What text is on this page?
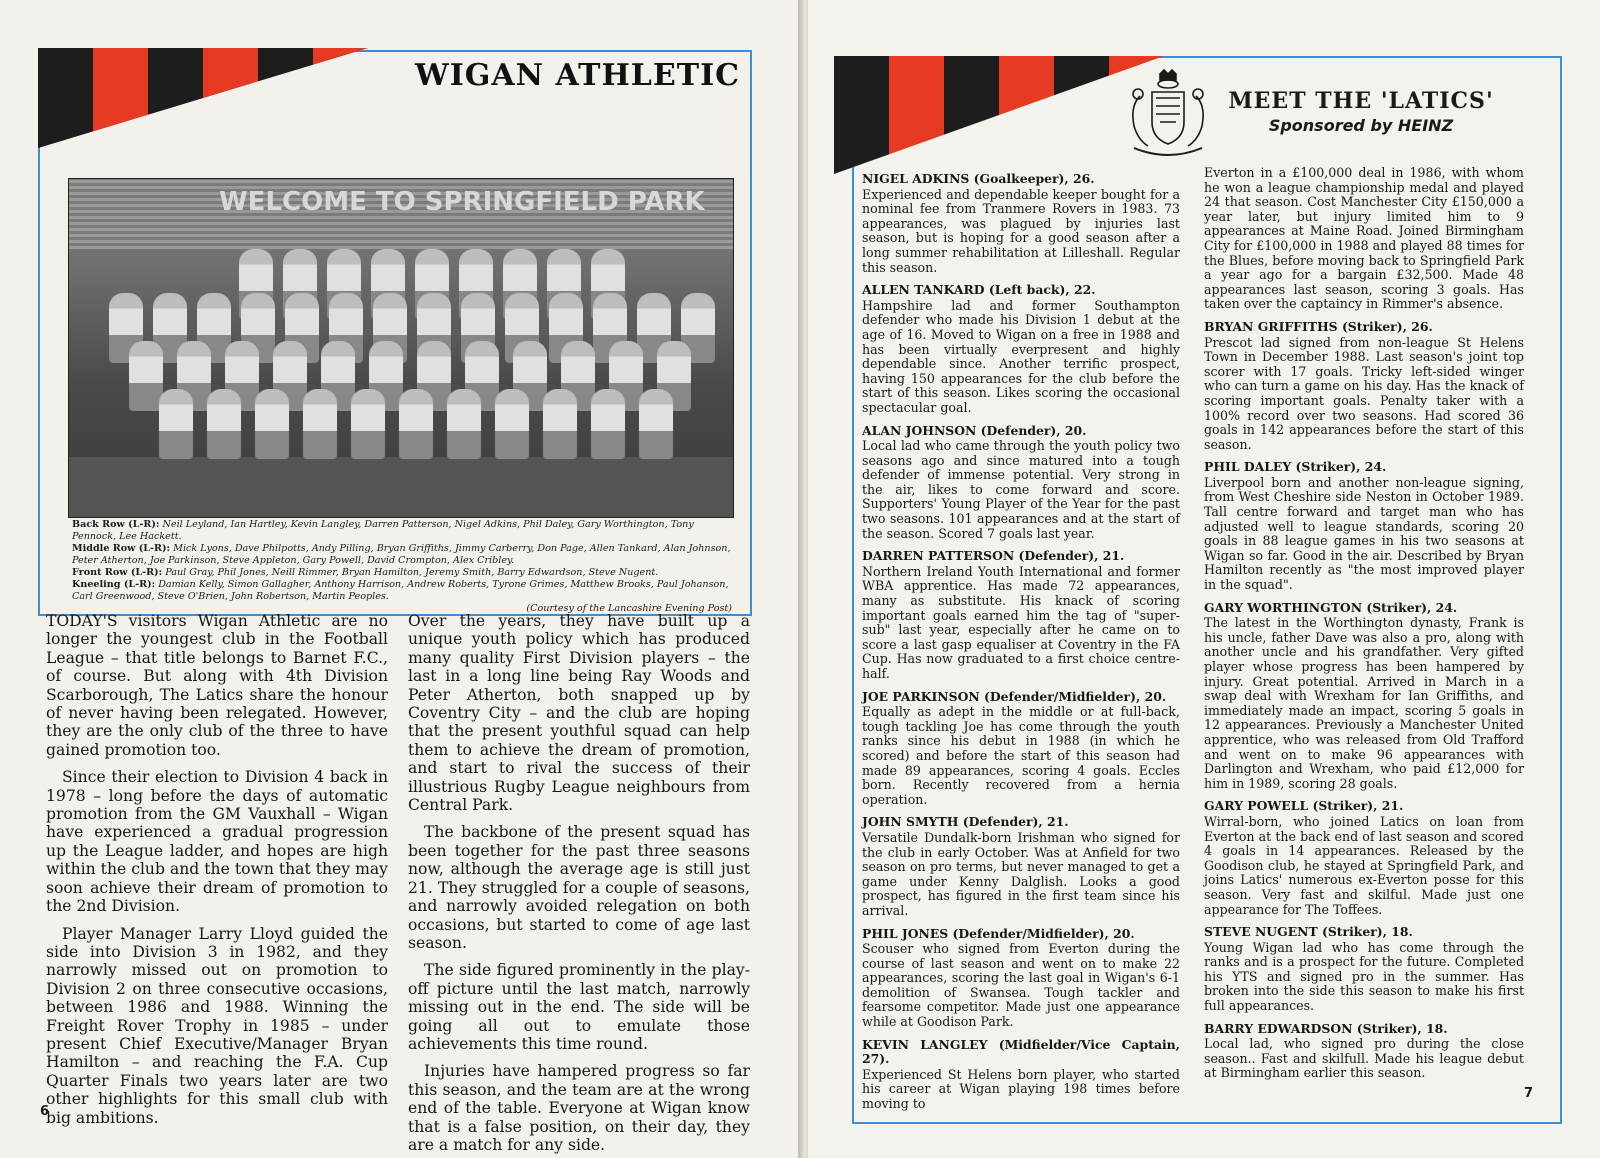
WIGAN ATHLETIC
WELCOME TO SPRINGFIELD PARK

Back Row (L-R): Neil Leyland, Ian Hartley, Kevin Langley, Darren Patterson, Nigel Adkins, Phil Daley, Gary Worthington, Tony Pennock, Lee Hackett.

Middle Row (L-R): Mick Lyons, Dave Philpotts, Andy Pilling, Bryan Griffiths, Jimmy Carberry, Don Page, Allen Tankard, Alan Johnson, Peter Atherton, Joe Parkinson, Steve Appleton, Gary Powell, David Crompton, Alex Cribley.

Front Row (L-R): Paul Gray, Phil Jones, Neill Rimmer, Bryan Hamilton, Jeremy Smith, Barry Edwardson, Steve Nugent.

Kneeling (L-R): Damian Kelly, Simon Gallagher, Anthony Harrison, Andrew Roberts, Tyrone Grimes, Matthew Brooks, Paul Johanson, Carl Greenwood, Steve O'Brien, John Robertson, Martin Peoples.

(Courtesy of the Lancashire Evening Post)

TODAY'S visitors Wigan Athletic are no longer the youngest club in the Football League – that title belongs to Barnet F.C., of course. But along with 4th Division Scarborough, The Latics share the honour of never having been relegated. However, they are the only club of the three to have gained promotion too.

Since their election to Division 4 back in 1978 – long before the days of automatic promotion from the GM Vauxhall – Wigan have experienced a gradual progression up the League ladder, and hopes are high within the club and the town that they may soon achieve their dream of promotion to the 2nd Division.

Player Manager Larry Lloyd guided the side into Division 3 in 1982, and they narrowly missed out on promotion to Division 2 on three consecutive occasions, between 1986 and 1988. Winning the Freight Rover Trophy in 1985 – under present Chief Executive/Manager Bryan Hamilton – and reaching the F.A. Cup Quarter Finals two years later are two other highlights for this small club with big ambitions.

Over the years, they have built up a unique youth policy which has produced many quality First Division players – the last in a long line being Ray Woods and Peter Atherton, both snapped up by Coventry City – and the club are hoping that the present youthful squad can help them to achieve the dream of promotion, and start to rival the success of their illustrious Rugby League neighbours from Central Park.

The backbone of the present squad has been together for the past three seasons now, although the average age is still just 21. They struggled for a couple of seasons, and narrowly avoided relegation on both occasions, but started to come of age last season.

The side figured prominently in the play-off picture until the last match, narrowly missing out in the end. The side will be going all out to emulate those achievements this time round.

Injuries have hampered progress so far this season, and the team are at the wrong end of the table. Everyone at Wigan know that is a false position, on their day, they are a match for any side.

6
MEET THE 'LATICS'
Sponsored by HEINZ
NIGEL ADKINS (Goalkeeper), 26.
Experienced and dependable keeper bought for a nominal fee from Tranmere Rovers in 1983. 73 appearances, was plagued by injuries last season, but is hoping for a good season after a long summer rehabilitation at Lilleshall. Regular this season.
ALLEN TANKARD (Left back), 22.
Hampshire lad and former Southampton defender who made his Division 1 debut at the age of 16. Moved to Wigan on a free in 1988 and has been virtually everpresent and highly dependable since. Another terrific prospect, having 150 appearances for the club before the start of this season. Likes scoring the occasional spectacular goal.
ALAN JOHNSON (Defender), 20.
Local lad who came through the youth policy two seasons ago and since matured into a tough defender of immense potential. Very strong in the air, likes to come forward and score. Supporters' Young Player of the Year for the past two seasons. 101 appearances and at the start of the season. Scored 7 goals last year.
DARREN PATTERSON (Defender), 21.
Northern Ireland Youth International and former WBA apprentice. Has made 72 appearances, many as substitute. His knack of scoring important goals earned him the tag of "super-sub" last year, especially after he came on to score a last gasp equaliser at Coventry in the FA Cup. Has now graduated to a first choice centre-half.
JOE PARKINSON (Defender/Midfielder), 20.
Equally as adept in the middle or at full-back, tough tackling Joe has come through the youth ranks since his debut in 1988 (in which he scored) and before the start of this season had made 89 appearances, scoring 4 goals. Eccles born. Recently recovered from a hernia operation.
JOHN SMYTH (Defender), 21.
Versatile Dundalk-born Irishman who signed for the club in early October. Was at Anfield for two season on pro terms, but never managed to get a game under Kenny Dalglish. Looks a good prospect, has figured in the first team since his arrival.
PHIL JONES (Defender/Midfielder), 20.
Scouser who signed from Everton during the course of last season and went on to make 22 appearances, scoring the last goal in Wigan's 6-1 demolition of Swansea. Tough tackler and fearsome competitor. Made just one appearance while at Goodison Park.
KEVIN LANGLEY (Midfielder/Vice Captain, 27).
Experienced St Helens born player, who started his career at Wigan playing 198 times before moving to
Everton in a £100,000 deal in 1986, with whom he won a league championship medal and played 24 that season. Cost Manchester City £150,000 a year later, but injury limited him to 9 appearances at Maine Road. Joined Birmingham City for £100,000 in 1988 and played 88 times for the Blues, before moving back to Springfield Park a year ago for a bargain £32,500. Made 48 appearances last season, scoring 3 goals. Has taken over the captaincy in Rimmer's absence.
BRYAN GRIFFITHS (Striker), 26.
Prescot lad signed from non-league St Helens Town in December 1988. Last season's joint top scorer with 17 goals. Tricky left-sided winger who can turn a game on his day. Has the knack of scoring important goals. Penalty taker with a 100% record over two seasons. Had scored 36 goals in 142 appearances before the start of this season.
PHIL DALEY (Striker), 24.
Liverpool born and another non-league signing, from West Cheshire side Neston in October 1989. Tall centre forward and target man who has adjusted well to league standards, scoring 20 goals in 88 league games in his two seasons at Wigan so far. Good in the air. Described by Bryan Hamilton recently as "the most improved player in the squad".
GARY WORTHINGTON (Striker), 24.
The latest in the Worthington dynasty, Frank is his uncle, father Dave was also a pro, along with another uncle and his grandfather. Very gifted player whose progress has been hampered by injury. Great potential. Arrived in March in a swap deal with Wrexham for Ian Griffiths, and immediately made an impact, scoring 5 goals in 12 appearances. Previously a Manchester United apprentice, who was released from Old Trafford and went on to make 96 appearances with Darlington and Wrexham, who paid £12,000 for him in 1989, scoring 28 goals.
GARY POWELL (Striker), 21.
Wirral-born, who joined Latics on loan from Everton at the back end of last season and scored 4 goals in 14 appearances. Released by the Goodison club, he stayed at Springfield Park, and joins Latics' numerous ex-Everton posse for this season. Very fast and skilful. Made just one appearance for The Toffees.
STEVE NUGENT (Striker), 18.
Young Wigan lad who has come through the ranks and is a prospect for the future. Completed his YTS and signed pro in the summer. Has broken into the side this season to make his first full appearances.
BARRY EDWARDSON (Striker), 18.
Local lad, who signed pro during the close season.. Fast and skilfull. Made his league debut at Birmingham earlier this season.
7
